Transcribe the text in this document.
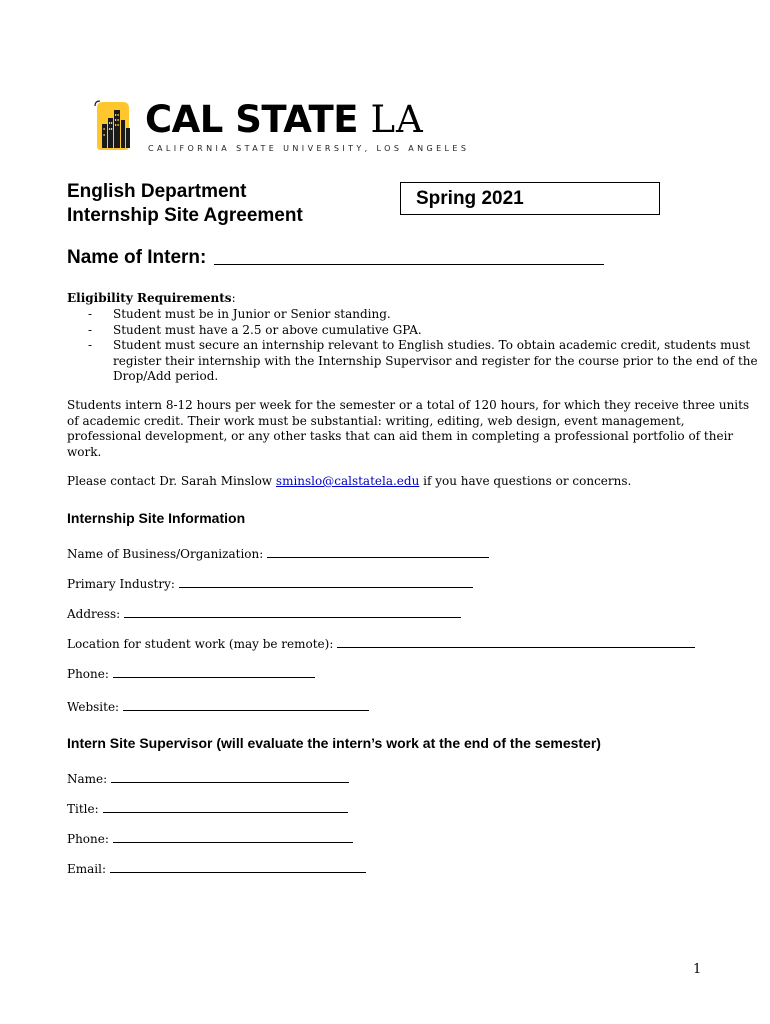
CAL STATE LA
CALIFORNIA STATE UNIVERSITY, LOS ANGELES
English Department
Internship Site Agreement
Spring 2021
Name of Intern:
Eligibility Requirements:
- Student must be in Junior or Senior standing.
- Student must have a 2.5 or above cumulative GPA.
- Student must secure an internship relevant to English studies. To obtain academic credit, students must register their internship with the Internship Supervisor and register for the course prior to the end of the Drop/Add period.
Students intern 8-12 hours per week for the semester or a total of 120 hours, for which they receive three units of academic credit. Their work must be substantial: writing, editing, web design, event management, professional development, or any other tasks that can aid them in completing a professional portfolio of their work.
Please contact Dr. Sarah Minslow sminslo@calstatela.edu if you have questions or concerns.
Internship Site Information
Name of Business/Organization:
Primary Industry:
Address:
Location for student work (may be remote):
Phone:
Website:
Intern Site Supervisor (will evaluate the intern’s work at the end of the semester)
Name:
Title:
Phone:
Email:
1
